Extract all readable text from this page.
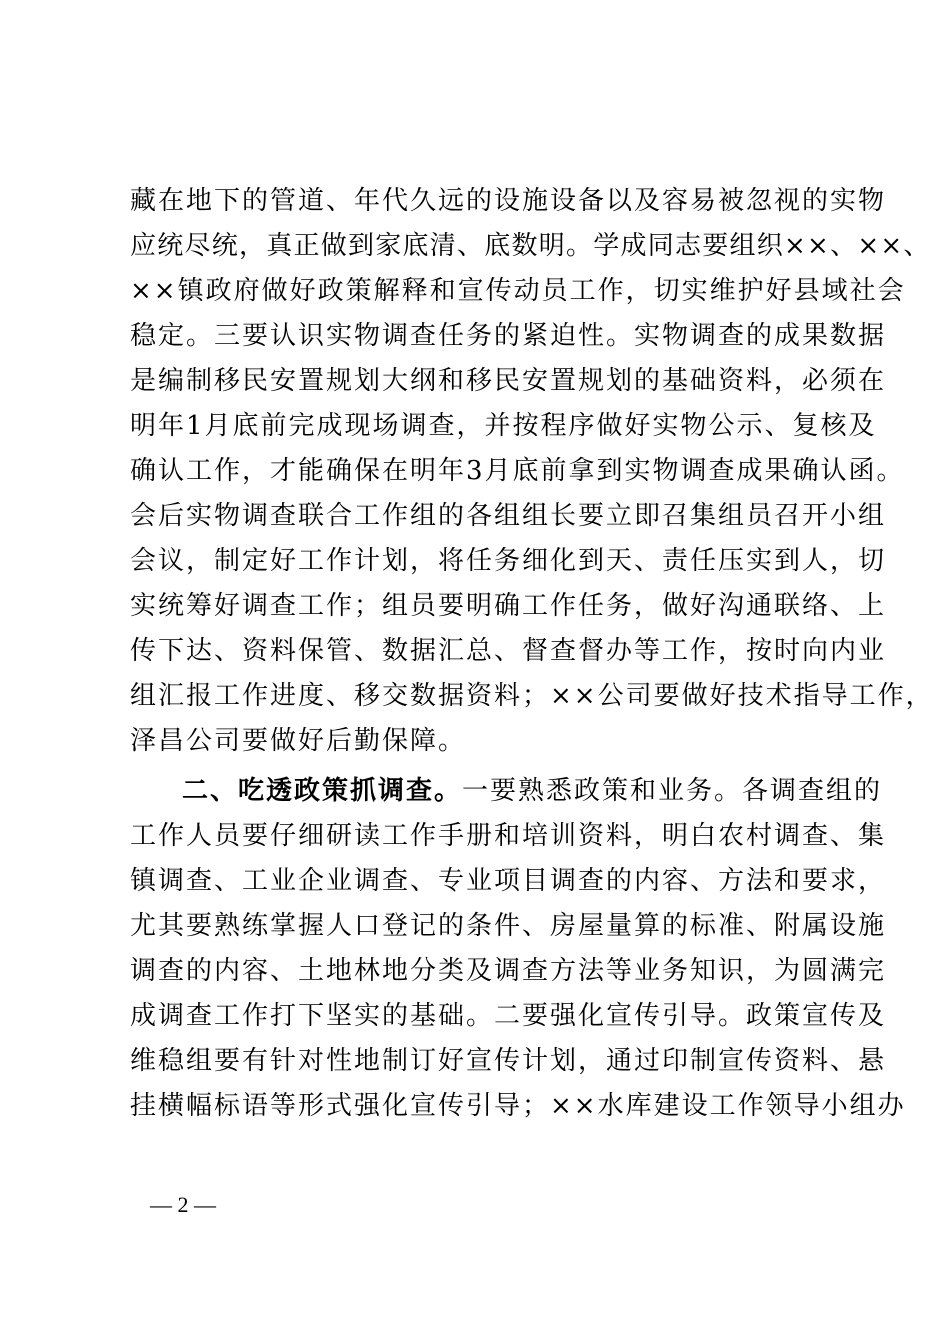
藏在地下的管道、年代久远的设施设备以及容易被忽视的实物
应统尽统，真正做到家底清、底数明。学成同志要组织××、××、
××镇政府做好政策解释和宣传动员工作，切实维护好县域社会
稳定。三要认识实物调查任务的紧迫性。实物调查的成果数据
是编制移民安置规划大纲和移民安置规划的基础资料，必须在
明年1月底前完成现场调查，并按程序做好实物公示、复核及
确认工作，才能确保在明年3月底前拿到实物调查成果确认函。
会后实物调查联合工作组的各组组长要立即召集组员召开小组
会议，制定好工作计划，将任务细化到天、责任压实到人，切
实统筹好调查工作；组员要明确工作任务，做好沟通联络、上
传下达、资料保管、数据汇总、督查督办等工作，按时向内业
组汇报工作进度、移交数据资料；××公司要做好技术指导工作，
泽昌公司要做好后勤保障。
二、吃透政策抓调查。一要熟悉政策和业务。各调查组的
工作人员要仔细研读工作手册和培训资料，明白农村调查、集
镇调查、工业企业调查、专业项目调查的内容、方法和要求，
尤其要熟练掌握人口登记的条件、房屋量算的标准、附属设施
调查的内容、土地林地分类及调查方法等业务知识，为圆满完
成调查工作打下坚实的基础。二要强化宣传引导。政策宣传及
维稳组要有针对性地制订好宣传计划，通过印制宣传资料、悬
挂横幅标语等形式强化宣传引导；××水库建设工作领导小组办
— 2 —
